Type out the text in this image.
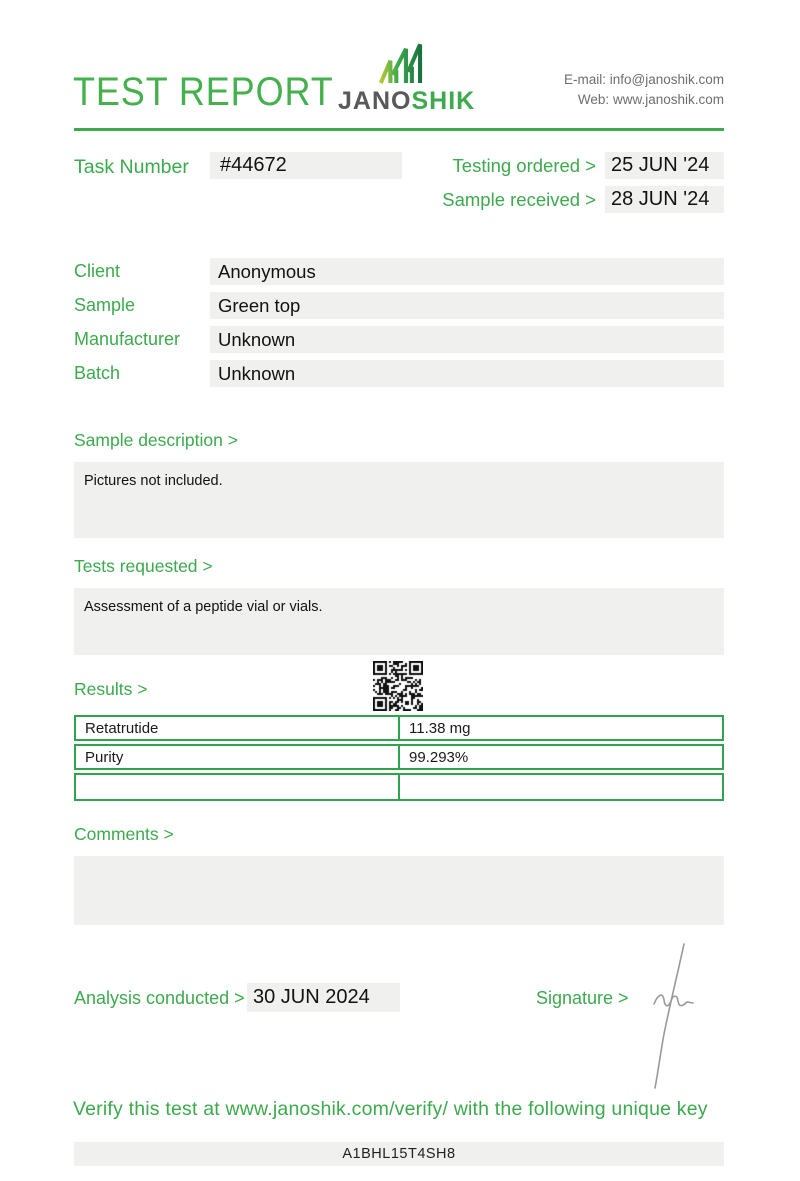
TEST REPORT JANOSHIK
E-mail: info@janoshik.com
Web: www.janoshik.com
Task Number	#44672	Testing ordered > 25 JUN '24
Sample received > 28 JUN '24
Client	Anonymous
Sample	Green top
Manufacturer	Unknown
Batch	Unknown
Sample description >
Pictures not included.
Tests requested >
Assessment of a peptide vial or vials.
Results >
Retatrutide	11.38 mg
Purity	99.293%
Comments >
Analysis conducted > 30 JUN 2024	Signature >
Verify this test at www.janoshik.com/verify/ with the following unique key
A1BHL15T4SH8
